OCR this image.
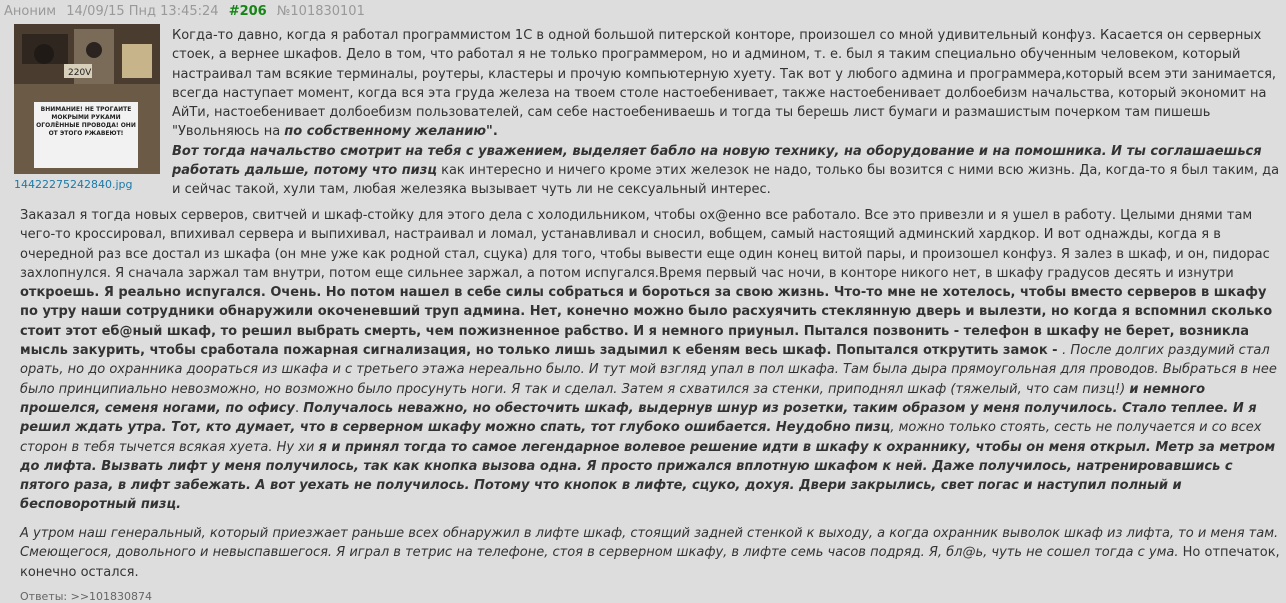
Аноним 14/09/15 Пнд 13:45:24 #206 №101830101
220V
ВНИМАНИЕ! НЕ ТРОГАЙТЕ МОКРЫМИ РУКАМИ ОГОЛЁННЫЕ ПРОВОДА! ОНИ ОТ ЭТОГО РЖАВЕЮТ!
14422275242840.jpg
Когда-то давно, когда я работал программистом 1С в одной большой питерской конторе, произошел со мной удивительный конфуз. Касается он серверных стоек, а вернее шкафов. Дело в том, что работал я не только программером, но и админом, т. е. был я таким специально обученным человеком, который настраивал там всякие терминалы, роутеры, кластеры и прочую компьютерную хуету. Так вот у любого админа и программера,который всем эти занимается, всегда наступает момент, когда вся эта груда железа на твоем столе настоебенивает, также настоебенивает долбоебизм начальства, который экономит на АйТи, настоебенивает долбоебизм пользователей, сам себе настоебениваешь и тогда ты берешь лист бумаги и размашистым почерком там пишешь "Увольняюсь на по собственному желанию".
Вот тогда начальство смотрит на тебя с уважением, выделяет бабло на новую технику, на оборудование и на помошника. И ты соглашаешься работать дальше, потому что пизц как интересно и ничего кроме этих железок не надо, только бы возится с ними всю жизнь. Да, когда-то я был таким, да и сейчас такой, хули там, любая железяка вызывает чуть ли не сексуальный интерес.
Заказал я тогда новых серверов, свитчей и шкаф-стойку для этого дела с холодильником, чтобы ох@енно все работало. Все это привезли и я ушел в работу. Целыми днями там чего-то кроссировал, впихивал сервера и выпихивал, настраивал и ломал, устанавливал и сносил, вобщем, самый настоящий админский хардкор. И вот однажды, когда я в очередной раз все достал из шкафа (он мне уже как родной стал, сцука) для того, чтобы вывести еще один конец витой пары, и произошел конфуз. Я залез в шкаф, и он, пидорас захлопнулся. Я сначала заржал там внутри, потом еще сильнее заржал, а потом испугался.Время первый час ночи, в конторе никого нет, в шкафу градусов десять и изнутри откроешь. Я реально испугался. Очень. Но потом нашел в себе силы собраться и бороться за свою жизнь. Что-то мне не хотелось, чтобы вместо серверов в шкафу по утру наши сотрудники обнаружили окоченевший труп админа. Нет, конечно можно было расхуячить стеклянную дверь и вылезти, но когда я вспомнил сколько стоит этот еб@ный шкаф, то решил выбрать смерть, чем пожизненное рабство. И я немного приуныл. Пытался позвонить - телефон в шкафу не берет, возникла мысль закурить, чтобы сработала пожарная сигнализация, но только лишь задымил к ебеням весь шкаф. Попытался открутить замок - . После долгих раздумий стал орать, но до охранника доораться из шкафа и с третьего этажа нереально было. И тут мой взгляд упал в пол шкафа. Там была дыра прямоугольная для проводов. Выбраться в нее было принципиально невозможно, но возможно было просунуть ноги. Я так и сделал. Затем я схватился за стенки, приподнял шкаф (тяжелый, что сам пизц!) и немного прошелся, семеня ногами, по офису. Получалось неважно, но обесточить шкаф, выдернув шнур из розетки, таким образом у меня получилось. Стало теплее. И я решил ждать утра. Тот, кто думает, что в серверном шкафу можно спать, тот глубоко ошибается. Неудобно пизц, можно только стоять, сесть не получается и со всех сторон в тебя тычется всякая хуета. Ну хи я и принял тогда то самое легендарное волевое решение идти в шкафу к охраннику, чтобы он меня открыл. Метр за метром до лифта. Вызвать лифт у меня получилось, так как кнопка вызова одна. Я просто прижался вплотную шкафом к ней. Даже получилось, натренировавшись с пятого раза, в лифт забежать. А вот уехать не получилось. Потому что кнопок в лифте, сцуко, дохуя. Двери закрылись, свет погас и наступил полный и бесповоротный пизц.
А утром наш генеральный, который приезжает раньше всех обнаружил в лифте шкаф, стоящий задней стенкой к выходу, а когда охранник выволок шкаф из лифта, то и меня там. Смеющегося, довольного и невыспавшегося. Я играл в тетрис на телефоне, стоя в серверном шкафу, в лифте семь часов подряд. Я, бл@ь, чуть не сошел тогда с ума. Но отпечаток, конечно остался.
Ответы: >>101830874
